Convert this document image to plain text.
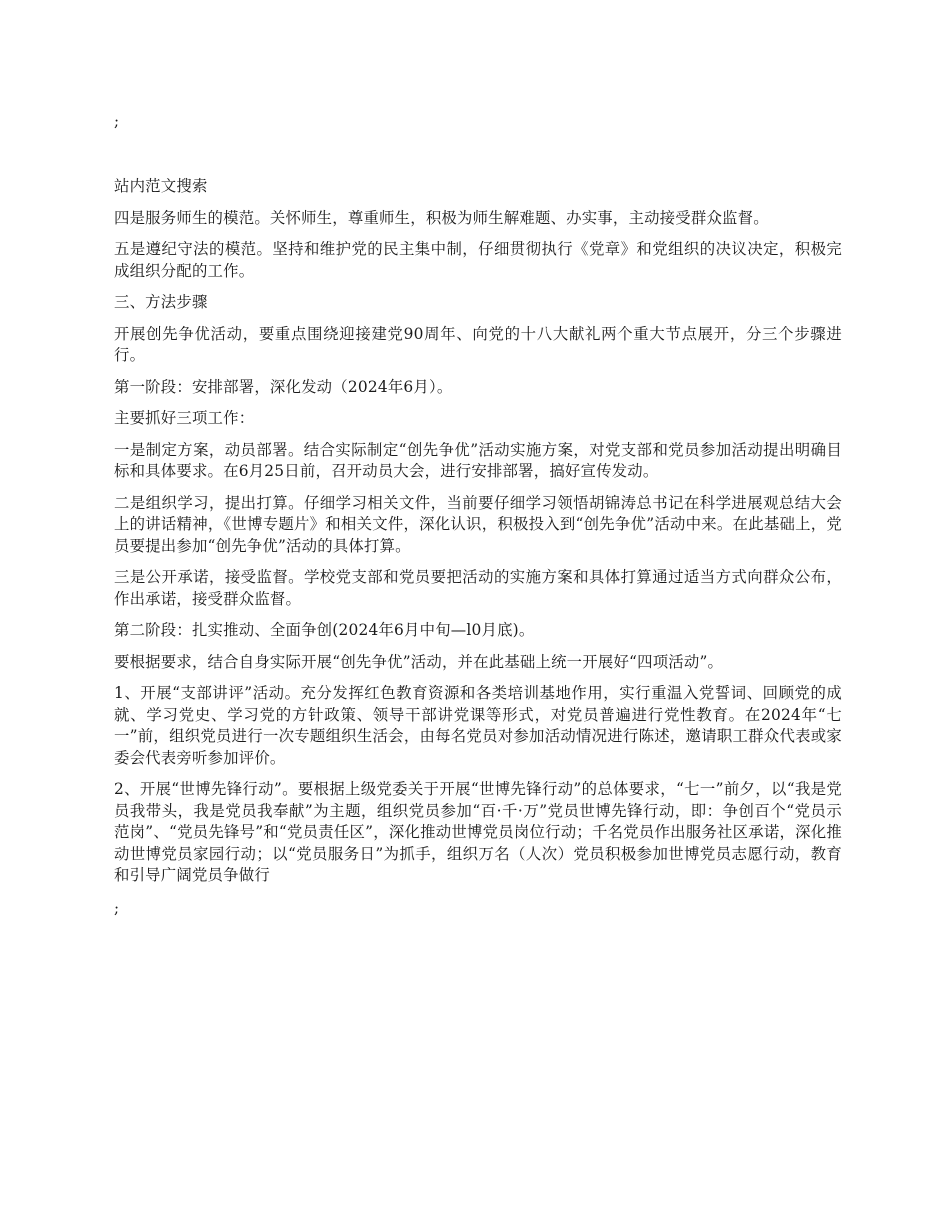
;

站内范文搜索

四是服务师生的模范。关怀师生，尊重师生，积极为师生解难题、办实事，主动接受群众监督。

五是遵纪守法的模范。坚持和维护党的民主集中制，仔细贯彻执行《党章》和党组织的决议决定，积极完成组织分配的工作。

三、方法步骤

开展创先争优活动，要重点围绕迎接建党90周年、向党的十八大献礼两个重大节点展开，分三个步骤进行。

第一阶段：安排部署，深化发动（2024年6月）。

主要抓好三项工作：

一是制定方案，动员部署。结合实际制定“创先争优”活动实施方案，对党支部和党员参加活动提出明确目标和具体要求。在6月25日前，召开动员大会，进行安排部署，搞好宣传发动。

二是组织学习，提出打算。仔细学习相关文件，当前要仔细学习领悟胡锦涛总书记在科学进展观总结大会上的讲话精神，《世博专题片》和相关文件，深化认识，积极投入到“创先争优”活动中来。在此基础上，党员要提出参加“创先争优”活动的具体打算。

三是公开承诺，接受监督。学校党支部和党员要把活动的实施方案和具体打算通过适当方式向群众公布，作出承诺，接受群众监督。

第二阶段：扎实推动、全面争创(2024年6月中旬—l0月底)。

要根据要求，结合自身实际开展“创先争优”活动，并在此基础上统一开展好“四项活动”。

1、开展“支部讲评”活动。充分发挥红色教育资源和各类培训基地作用，实行重温入党誓词、回顾党的成就、学习党史、学习党的方针政策、领导干部讲党课等形式，对党员普遍进行党性教育。在2024年“七一”前，组织党员进行一次专题组织生活会，由每名党员对参加活动情况进行陈述，邀请职工群众代表或家委会代表旁听参加评价。

2、开展“世博先锋行动”。要根据上级党委关于开展“世博先锋行动”的总体要求，“七一”前夕，以“我是党员我带头，我是党员我奉献”为主题，组织党员参加“百·千·万”党员世博先锋行动，即：争创百个“党员示范岗”、“党员先锋号”和“党员责任区”，深化推动世博党员岗位行动；千名党员作出服务社区承诺，深化推动世博党员家园行动；以“党员服务日”为抓手，组织万名（人次）党员积极参加世博党员志愿行动，教育和引导广阔党员争做行

;
